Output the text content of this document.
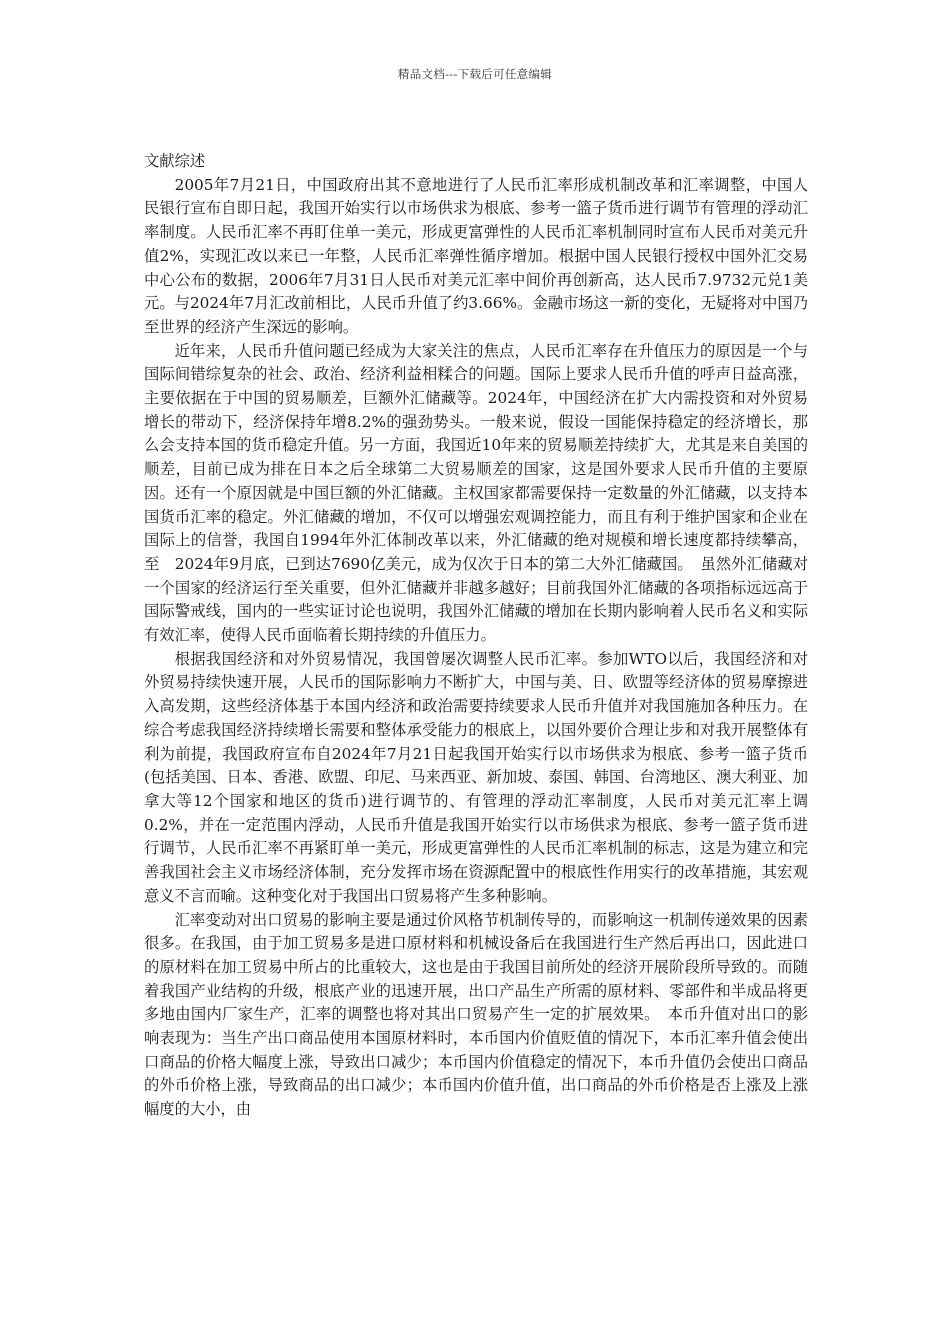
精品文档---下载后可任意编辑
文献综述

2005年7月21日，中国政府出其不意地进行了人民币汇率形成机制改革和汇率调整，中国人民银行宣布自即日起，我国开始实行以市场供求为根底、参考一篮子货币进行调节有管理的浮动汇率制度。人民币汇率不再盯住单一美元，形成更富弹性的人民币汇率机制同时宣布人民币对美元升值2%，实现汇改以来已一年整，人民币汇率弹性循序增加。根据中国人民银行授权中国外汇交易中心公布的数据，2006年7月31日人民币对美元汇率中间价再创新高，达人民币7.9732元兑1美元。与2024年7月汇改前相比，人民币升值了约3.66%。金融市场这一新的变化，无疑将对中国乃至世界的经济产生深远的影响。

近年来，人民币升值问题已经成为大家关注的焦点，人民币汇率存在升值压力的原因是一个与国际间错综复杂的社会、政治、经济利益相糅合的问题。国际上要求人民币升值的呼声日益高涨，主要依据在于中国的贸易顺差，巨额外汇储藏等。2024年，中国经济在扩大内需投资和对外贸易增长的带动下，经济保持年增8.2%的强劲势头。一般来说，假设一国能保持稳定的经济增长，那么会支持本国的货币稳定升值。另一方面，我国近10年来的贸易顺差持续扩大，尤其是来自美国的顺差，目前已成为排在日本之后全球第二大贸易顺差的国家，这是国外要求人民币升值的主要原因。还有一个原因就是中国巨额的外汇储藏。主权国家都需要保持一定数量的外汇储藏，以支持本国货币汇率的稳定。外汇储藏的增加，不仅可以增强宏观调控能力，而且有利于维护国家和企业在国际上的信誉，我国自1994年外汇体制改革以来，外汇储藏的绝对规模和增长速度都持续攀高，至　2024年9月底，已到达7690亿美元，成为仅次于日本的第二大外汇储藏国。　虽然外汇储藏对一个国家的经济运行至关重要，但外汇储藏并非越多越好；目前我国外汇储藏的各项指标远远高于国际警戒线，国内的一些实证讨论也说明，我国外汇储藏的增加在长期内影响着人民币名义和实际有效汇率，使得人民币面临着长期持续的升值压力。

根据我国经济和对外贸易情况，我国曾屡次调整人民币汇率。参加WTO以后，我国经济和对外贸易持续快速开展，人民币的国际影响力不断扩大，中国与美、日、欧盟等经济体的贸易摩擦进入高发期，这些经济体基于本国内经济和政治需要持续要求人民币升值并对我国施加各种压力。在综合考虑我国经济持续增长需要和整体承受能力的根底上，以国外要价合理让步和对我开展整体有利为前提，我国政府宣布自2024年7月21日起我国开始实行以市场供求为根底、参考一篮子货币(包括美国、日本、香港、欧盟、印尼、马来西亚、新加坡、泰国、韩国、台湾地区、澳大利亚、加拿大等12个国家和地区的货币)进行调节的、有管理的浮动汇率制度，人民币对美元汇率上调0.2%，并在一定范围内浮动，人民币升值是我国开始实行以市场供求为根底、参考一篮子货币进行调节，人民币汇率不再紧盯单一美元，形成更富弹性的人民币汇率机制的标志，这是为建立和完善我国社会主义市场经济体制，充分发挥市场在资源配置中的根底性作用实行的改革措施，其宏观意义不言而喻。这种变化对于我国出口贸易将产生多种影响。

汇率变动对出口贸易的影响主要是通过价风格节机制传导的，而影响这一机制传递效果的因素很多。在我国，由于加工贸易多是进口原材料和机械设备后在我国进行生产然后再出口，因此进口的原材料在加工贸易中所占的比重较大，这也是由于我国目前所处的经济开展阶段所导致的。而随着我国产业结构的升级，根底产业的迅速开展，出口产品生产所需的原材料、零部件和半成品将更多地由国内厂家生产，汇率的调整也将对其出口贸易产生一定的扩展效果。　本币升值对出口的影响表现为：当生产出口商品使用本国原材料时，本币国内价值贬值的情况下，本币汇率升值会使出口商品的价格大幅度上涨，导致出口减少；本币国内价值稳定的情况下，本币升值仍会使出口商品的外币价格上涨，导致商品的出口减少；本币国内价值升值，出口商品的外币价格是否上涨及上涨幅度的大小，由
